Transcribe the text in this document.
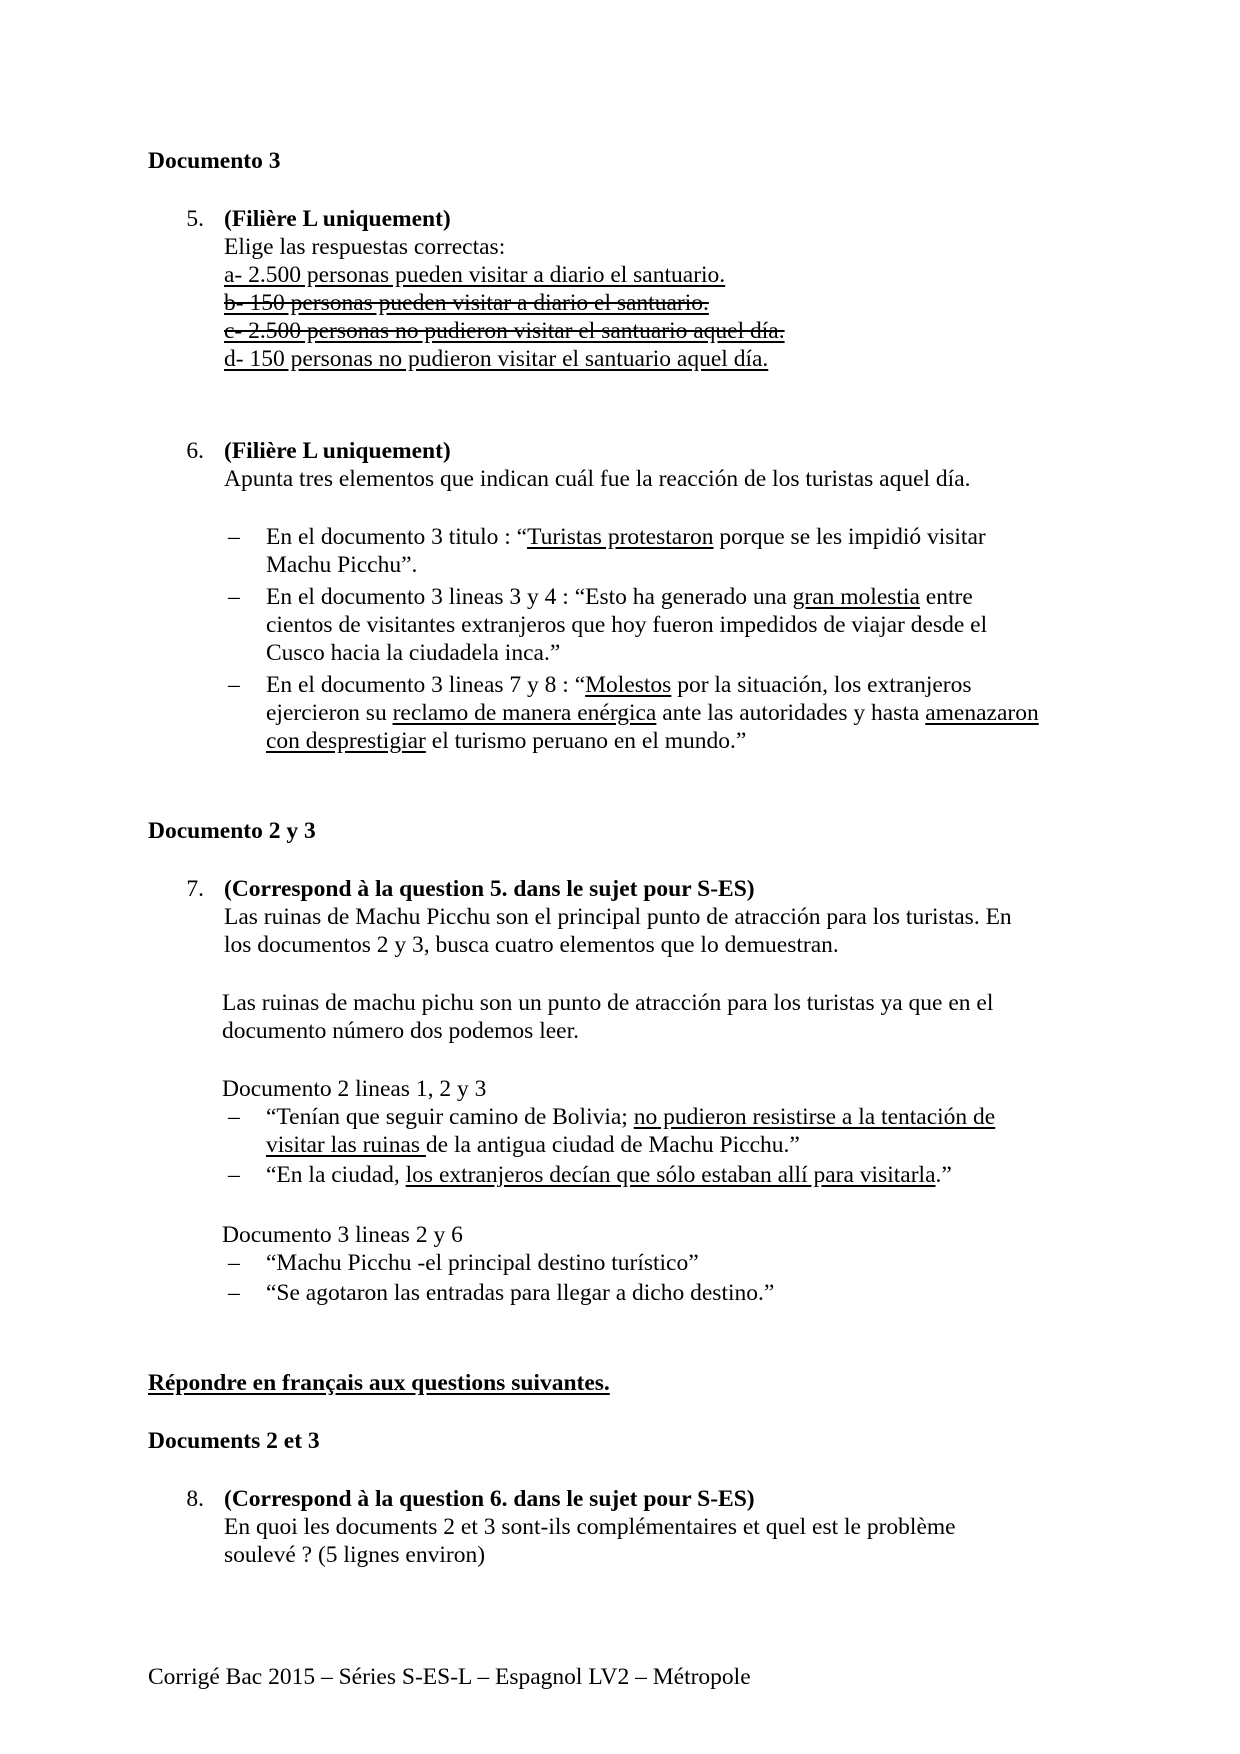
Documento 3
5. (Filière L uniquement)
Elige las respuestas correctas:
a- 2.500 personas pueden visitar a diario el santuario.
b- 150 personas pueden visitar a diario el santuario.
c- 2.500 personas no pudieron visitar el santuario aquel día.
d- 150 personas no pudieron visitar el santuario aquel día.
6. (Filière L uniquement)
Apunta tres elementos que indican cuál fue la reacción de los turistas aquel día.
– En el documento 3 titulo : “Turistas protestaron porque se les impidió visitar
Machu Picchu”.
– En el documento 3 lineas 3 y 4 : “Esto ha generado una gran molestia entre
cientos de visitantes extranjeros que hoy fueron impedidos de viajar desde el
Cusco hacia la ciudadela inca.”
– En el documento 3 lineas 7 y 8 : “Molestos por la situación, los extranjeros
ejercieron su reclamo de manera enérgica ante las autoridades y hasta amenazaron
con desprestigiar el turismo peruano en el mundo.”
Documento 2 y 3
7. (Correspond à la question 5. dans le sujet pour S-ES)
Las ruinas de Machu Picchu son el principal punto de atracción para los turistas. En
los documentos 2 y 3, busca cuatro elementos que lo demuestran.
Las ruinas de machu pichu son un punto de atracción para los turistas ya que en el
documento número dos podemos leer.
Documento 2 lineas 1, 2 y 3
– “Tenían que seguir camino de Bolivia; no pudieron resistirse a la tentación de
visitar las ruinas de la antigua ciudad de Machu Picchu.”
– “En la ciudad, los extranjeros decían que sólo estaban allí para visitarla.”
Documento 3 lineas 2 y 6
– “Machu Picchu -el principal destino turístico”
– “Se agotaron las entradas para llegar a dicho destino.”
Répondre en français aux questions suivantes.
Documents 2 et 3
8. (Correspond à la question 6. dans le sujet pour S-ES)
En quoi les documents 2 et 3 sont-ils complémentaires et quel est le problème
soulevé ? (5 lignes environ)
Corrigé Bac 2015 – Séries S-ES-L – Espagnol LV2 – Métropole
